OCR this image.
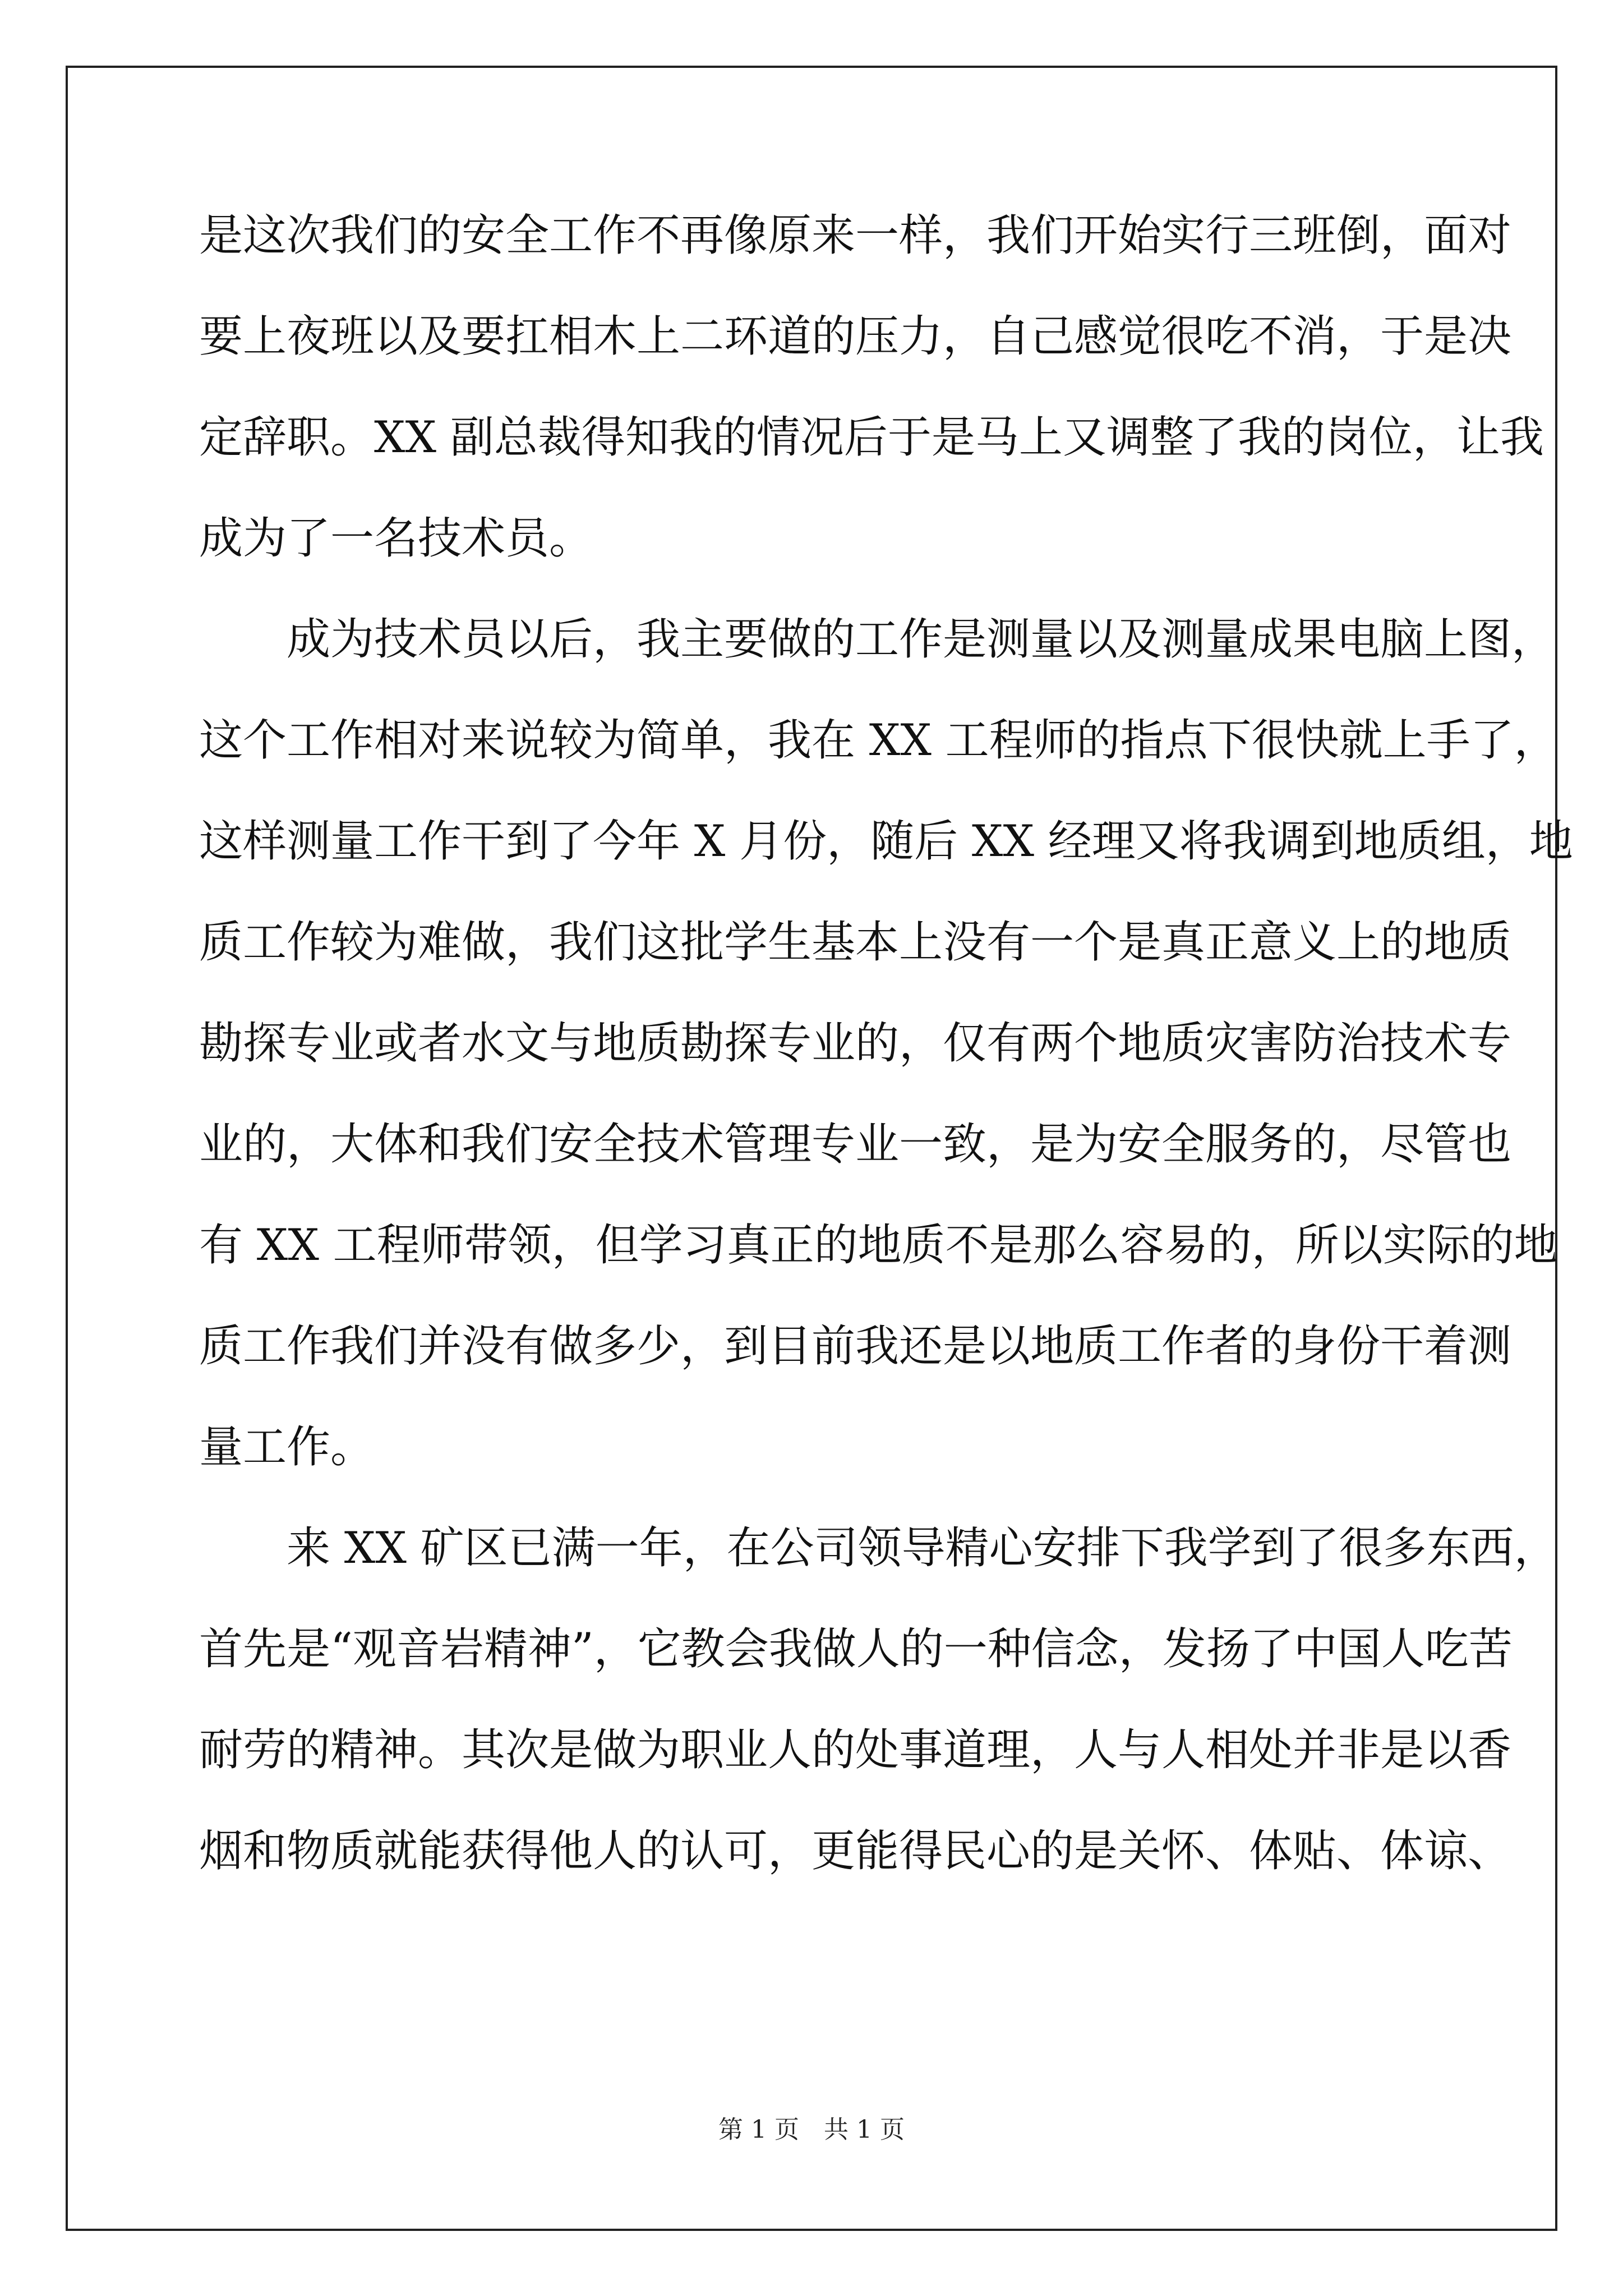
是这次我们的安全工作不再像原来一样，我们开始实行三班倒，面对
要上夜班以及要扛相木上二环道的压力，自己感觉很吃不消，于是决
定辞职。XX 副总裁得知我的情况后于是马上又调整了我的岗位，让我
成为了一名技术员。
成为技术员以后，我主要做的工作是测量以及测量成果电脑上图，
这个工作相对来说较为简单，我在 XX 工程师的指点下很快就上手了，
这样测量工作干到了今年 X 月份，随后 XX 经理又将我调到地质组，地
质工作较为难做，我们这批学生基本上没有一个是真正意义上的地质
勘探专业或者水文与地质勘探专业的，仅有两个地质灾害防治技术专
业的，大体和我们安全技术管理专业一致，是为安全服务的，尽管也
有 XX 工程师带领，但学习真正的地质不是那么容易的，所以实际的地
质工作我们并没有做多少，到目前我还是以地质工作者的身份干着测
量工作。
来 XX 矿区已满一年，在公司领导精心安排下我学到了很多东西，
首先是“观音岩精神”，它教会我做人的一种信念，发扬了中国人吃苦
耐劳的精神。其次是做为职业人的处事道理，人与人相处并非是以香
烟和物质就能获得他人的认可，更能得民心的是关怀、体贴、体谅、
第 1 页　共 1 页
